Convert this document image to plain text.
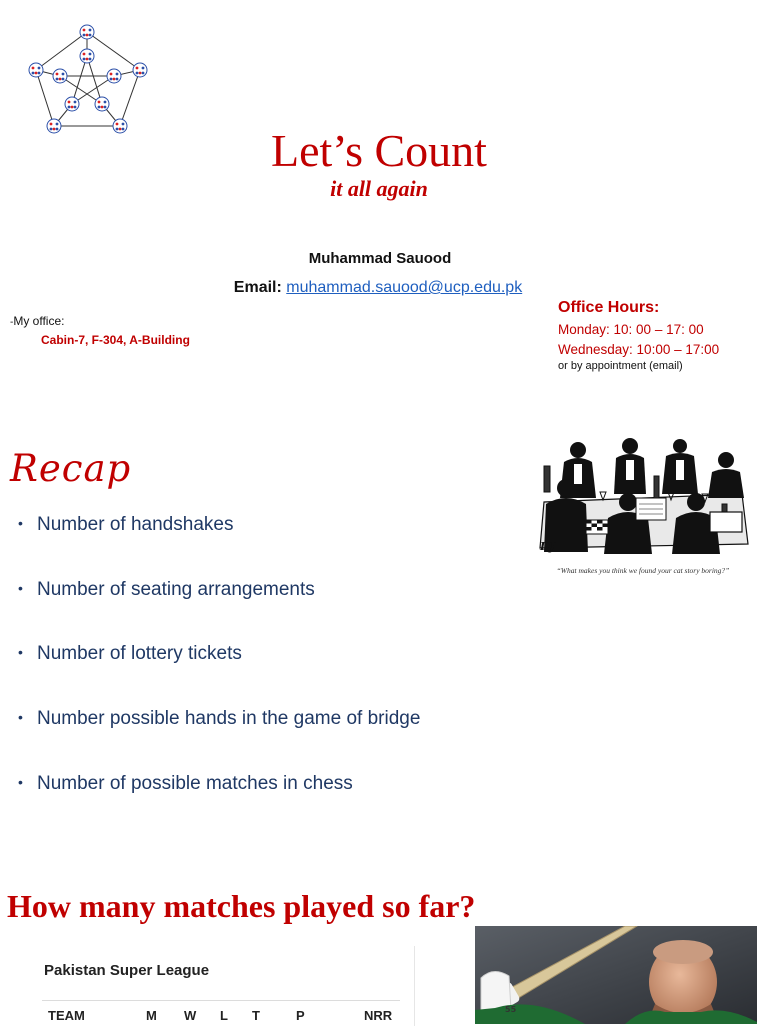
Let’s Count
it all again
Muhammad Sauood
Email: muhammad.sauood@ucp.edu.pk
-My office:
Cabin-7, F-304, A-Building
Office Hours:
Monday: 10: 00 – 17: 00
Wednesday: 10:00 – 17:00
or by appointment (email)
Recap
• Number of handshakes
• Number of seating arrangements
• Number of lottery tickets
• Number possible hands in the game of bridge
• Number of possible matches in chess
DJ
“What makes you think we found your cat story boring?”
How many matches played so far?
Pakistan Super League
TEAM	M W L T	P	NRR	55
